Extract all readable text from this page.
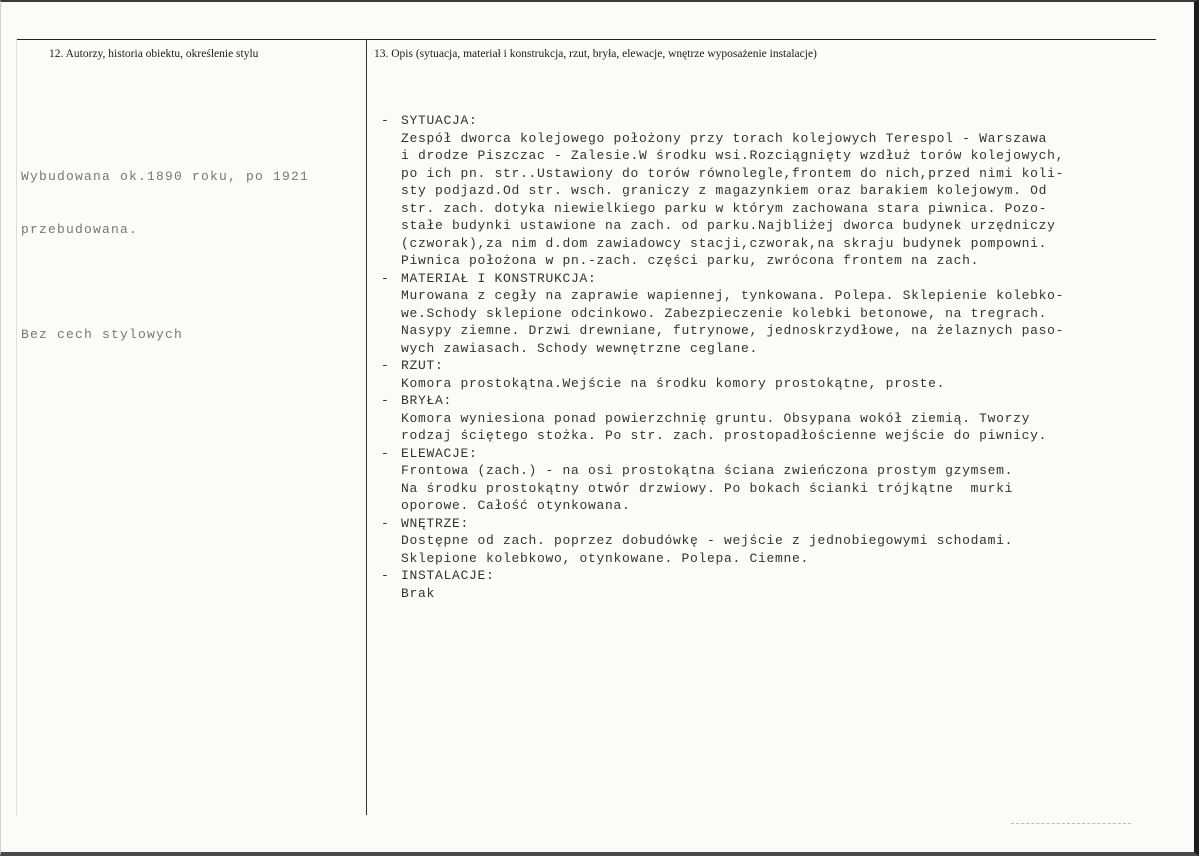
12. Autorzy, historia obiektu, określenie stylu	13. Opis (sytuacja, materiał i konstrukcja, rzut, bryła, elewacje, wnętrze wyposażenie instalacje)

Wybudowana ok.1890 roku, po 1921

przebudowana.

Bez cech stylowych

- SYTUACJA:
Zespół dworca kolejowego położony przy torach kolejowych Terespol - Warszawa
i drodze Piszczac - Zalesie.W środku wsi.Rozciągnięty wzdłuż torów kolejowych,
po ich pn. str..Ustawiony do torów równolegle,frontem do nich,przed nimi koli-
sty podjazd.Od str. wsch. graniczy z magazynkiem oraz barakiem kolejowym. Od
str. zach. dotyka niewielkiego parku w którym zachowana stara piwnica. Pozo-
stałe budynki ustawione na zach. od parku.Najbliżej dworca budynek urzędniczy
(czworak),za nim d.dom zawiadowcy stacji,czworak,na skraju budynek pompowni.
Piwnica położona w pn.-zach. części parku, zwrócona frontem na zach.
- MATERIAŁ I KONSTRUKCJA:
Murowana z cegły na zaprawie wapiennej, tynkowana. Polepa. Sklepienie kolebko-
we.Schody sklepione odcinkowo. Zabezpieczenie kolebki betonowe, na tregrach.
Nasypy ziemne. Drzwi drewniane, futrynowe, jednoskrzydłowe, na żelaznych paso-
wych zawiasach. Schody wewnętrzne ceglane.
- RZUT:
Komora prostokątna.Wejście na środku komory prostokątne, proste.
- BRYŁA:
Komora wyniesiona ponad powierzchnię gruntu. Obsypana wokół ziemią. Tworzy
rodzaj ściętego stożka. Po str. zach. prostopadłościenne wejście do piwnicy.
- ELEWACJE:
Frontowa (zach.) - na osi prostokątna ściana zwieńczona prostym gzymsem.
Na środku prostokątny otwór drzwiowy. Po bokach ścianki trójkątne  murki
oporowe. Całość otynkowana.
- WNĘTRZE:
Dostępne od zach. poprzez dobudówkę - wejście z jednobiegowymi schodami.
Sklepione kolebkowo, otynkowane. Polepa. Ciemne.
- INSTALACJE:
Brak
